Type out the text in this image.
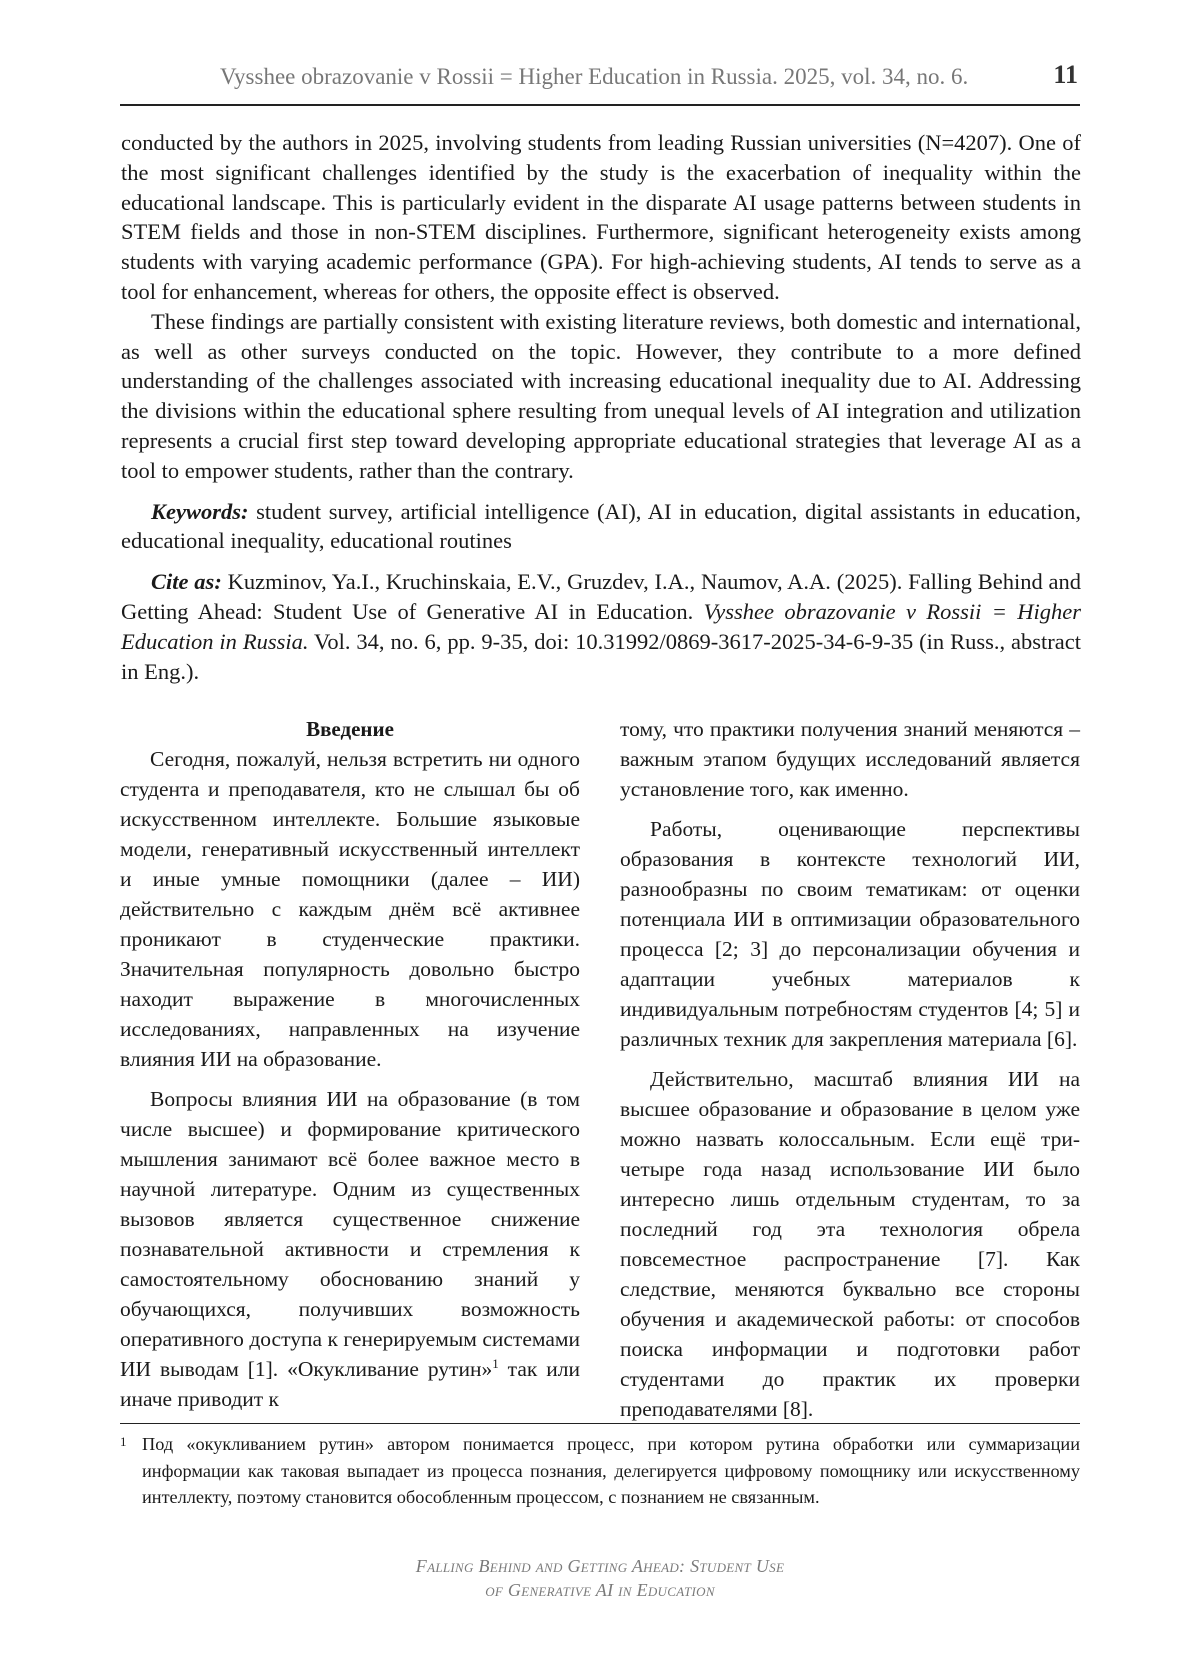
Vysshee obrazovanie v Rossii = Higher Education in Russia. 2025, vol. 34, no. 6.	11

conducted by the authors in 2025, involving students from leading Russian universities (N=4207). One of the most significant challenges identified by the study is the exacerbation of inequality within the educational landscape. This is particularly evident in the disparate AI usage patterns between students in STEM fields and those in non-STEM disciplines. Furthermore, significant heterogeneity exists among students with varying academic performance (GPA). For high-achieving students, AI tends to serve as a tool for enhancement, whereas for others, the opposite effect is observed.

These findings are partially consistent with existing literature reviews, both domestic and international, as well as other surveys conducted on the topic. However, they contribute to a more defined understanding of the challenges associated with increasing educational inequality due to AI. Addressing the divisions within the educational sphere resulting from unequal levels of AI integration and utilization represents a crucial first step toward developing appropriate educational strategies that leverage AI as a tool to empower students, rather than the contrary.

Keywords: student survey, artificial intelligence (AI), AI in education, digital assistants in education, educational inequality, educational routines

Cite as: Kuzminov, Ya.I., Kruchinskaia, E.V., Gruzdev, I.A., Naumov, A.A. (2025). Falling Behind and Getting Ahead: Student Use of Generative AI in Education. Vysshee obrazovanie v Rossii = Higher Education in Russia. Vol. 34, no. 6, pp. 9-35, doi: 10.31992/0869-3617-2025-34-6-9-35 (in Russ., abstract in Eng.).

Введение

Сегодня, пожалуй, нельзя встретить ни одного студента и преподавателя, кто не слышал бы об искусственном интеллекте. Большие языковые модели, генеративный искусственный интеллект и иные умные помощники (далее – ИИ) действительно с каждым днём всё активнее проникают в студенческие практики. Значительная популярность довольно быстро находит выражение в многочисленных исследованиях, направленных на изучение влияния ИИ на образование.

Вопросы влияния ИИ на образование (в том числе высшее) и формирование критического мышления занимают всё более важное место в научной литературе. Одним из существенных вызовов является существенное снижение познавательной активности и стремления к самостоятельному обоснованию знаний у обучающихся, получивших возможность оперативного доступа к генерируемым системами ИИ выводам [1]. «Окукливание рутин»$^1$ так или иначе приводит к

тому, что практики получения знаний меняются – важным этапом будущих исследований является установление того, как именно.

Работы, оценивающие перспективы образования в контексте технологий ИИ, разнообразны по своим тематикам: от оценки потенциала ИИ в оптимизации образовательного процесса [2; 3] до персонализации обучения и адаптации учебных материалов к индивидуальным потребностям студентов [4; 5] и различных техник для закрепления материала [6].

Действительно, масштаб влияния ИИ на высшее образование и образование в целом уже можно назвать колоссальным. Если ещё три-четыре года назад использование ИИ было интересно лишь отдельным студентам, то за последний год эта технология обрела повсеместное распространение [7]. Как следствие, меняются буквально все стороны обучения и академической работы: от способов поиска информации и подготовки работ студентами до практик их проверки преподавателями [8].

1 Под «окукливанием рутин» автором понимается процесс, при котором рутина обработки или суммаризации информации как таковая выпадает из процесса познания, делегируется цифровому помощнику или искусственному интеллекту, поэтому становится обособленным процессом, с познанием не связанным.
Falling Behind and Getting Ahead: Student Use
of Generative AI in Education
